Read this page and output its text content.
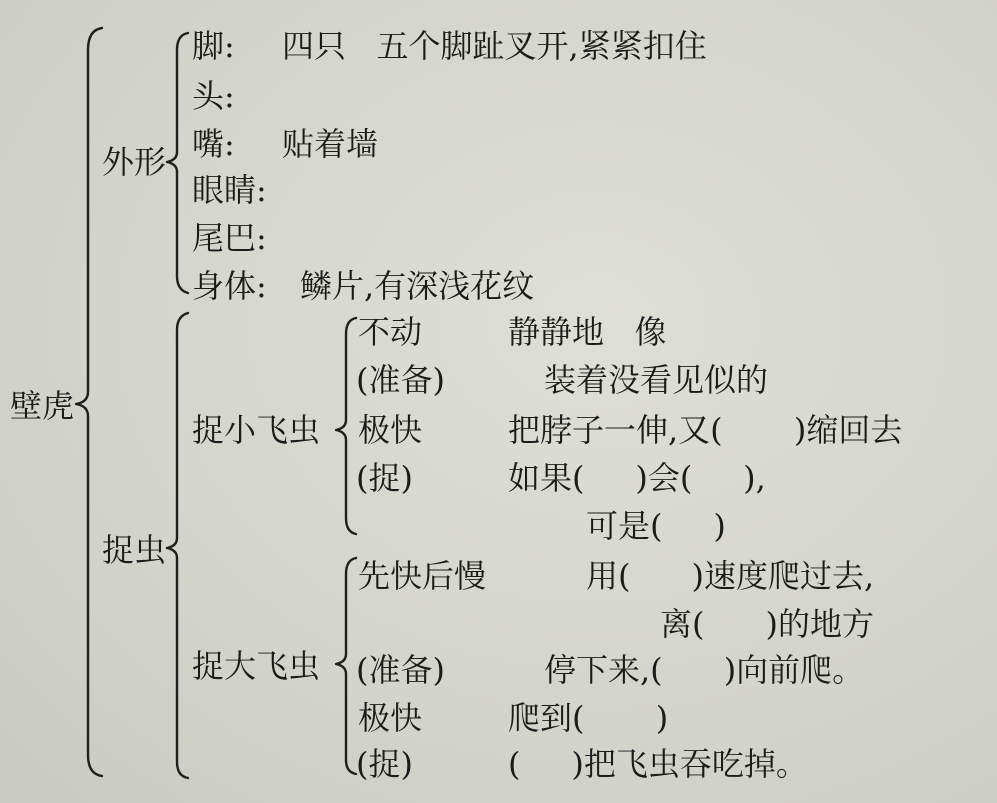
壁虎
外形
脚: 四只   五个脚趾叉开,紧紧扣住
头:
嘴: 贴着墙
眼睛:
尾巴:
身体: 鳞片,有深浅花纹
捉虫
捉小飞虫
不动	静静地   像
(准备)	装着没看见似的
极快	把脖子一伸,又(       )缩回去
(捉)	如果(     )会(     ),
可是(     )
捉大飞虫
先快后慢	用(      )速度爬过去,
离(      )的地方
(准备)	停下来,(      )向前爬。
极快	爬到(       )
(捉)	(     )把飞虫吞吃掉。
